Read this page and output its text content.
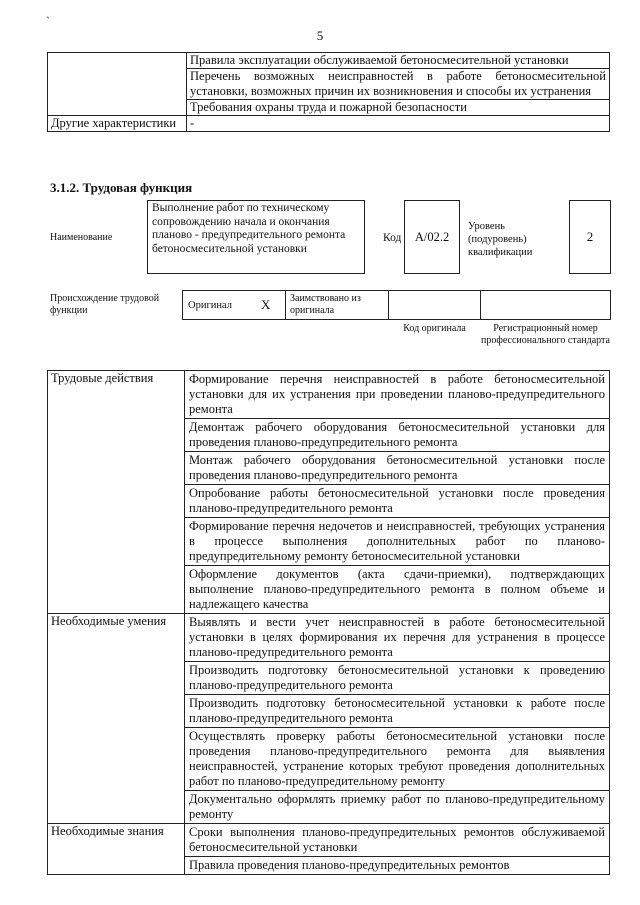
`
5
	Правила эксплуатации обслуживаемой бетоносмесительной установки
	Перечень возможных неисправностей в работе бетоносмесительной установки, возможных причин их возникновения и способы их устранения
	Требования охраны труда и пожарной безопасности
Другие характеристики	-
3.1.2. Трудовая функция
Наименование
Выполнение работ по техническому сопровождению начала и окончания планово - предупредительного ремонта бетоносмесительной установки
Код	А/02.2
Уровень (подуровень) квалификации
2
Происхождение трудовой функции	Оригинал X	Заимствовано из оригинала
Код оригинала	Регистрационный номер профессионального стандарта
Трудовые действия	Формирование перечня неисправностей в работе бетоносмесительной установки для их устранения при проведении планово-предупредительного ремонта
	Демонтаж рабочего оборудования бетоносмесительной установки для проведения планово-предупредительного ремонта
	Монтаж рабочего оборудования бетоносмесительной установки после проведения планово-предупредительного ремонта
	Опробование работы бетоносмесительной установки после проведения планово-предупредительного ремонта
	Формирование перечня недочетов и неисправностей, требующих устранения в процессе выполнения дополнительных работ по планово-предупредительному ремонту бетоносмесительной установки
	Оформление документов (акта сдачи-приемки), подтверждающих выполнение планово-предупредительного ремонта в полном объеме и надлежащего качества
Необходимые умения	Выявлять и вести учет неисправностей в работе бетоносмесительной установки в целях формирования их перечня для устранения в процессе планово-предупредительного ремонта
	Производить подготовку бетоносмесительной установки к проведению планово-предупредительного ремонта
	Производить подготовку бетоносмесительной установки к работе после планово-предупредительного ремонта
	Осуществлять проверку работы бетоносмесительной установки после проведения планово-предупредительного ремонта для выявления неисправностей, устранение которых требуют проведения дополнительных работ по планово-предупредительному ремонту
	Документально оформлять приемку работ по планово-предупредительному ремонту
Необходимые знания	Сроки выполнения планово-предупредительных ремонтов обслуживаемой бетоносмесительной установки
	Правила проведения планово-предупредительных ремонтов
